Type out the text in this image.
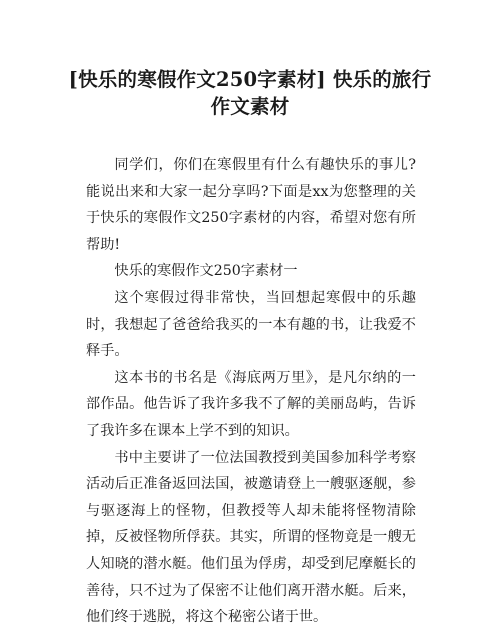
[快乐的寒假作文250字素材] 快乐的旅行作文素材

同学们，你们在寒假里有什么有趣快乐的事儿?能说出来和大家一起分享吗?下面是xx为您整理的关于快乐的寒假作文250字素材的内容，希望对您有所帮助!

快乐的寒假作文250字素材一

这个寒假过得非常快，当回想起寒假中的乐趣时，我想起了爸爸给我买的一本有趣的书，让我爱不释手。

这本书的书名是《海底两万里》，是凡尔纳的一部作品。他告诉了我许多我不了解的美丽岛屿，告诉了我许多在课本上学不到的知识。

书中主要讲了一位法国教授到美国参加科学考察活动后正准备返回法国，被邀请登上一艘驱逐舰，参与驱逐海上的怪物，但教授等人却未能将怪物清除掉，反被怪物所俘获。其实，所谓的怪物竟是一艘无人知晓的潜水艇。他们虽为俘虏，却受到尼摩艇长的善待，只不过为了保密不让他们离开潜水艇。后来，他们终于逃脱，将这个秘密公诸于世。
